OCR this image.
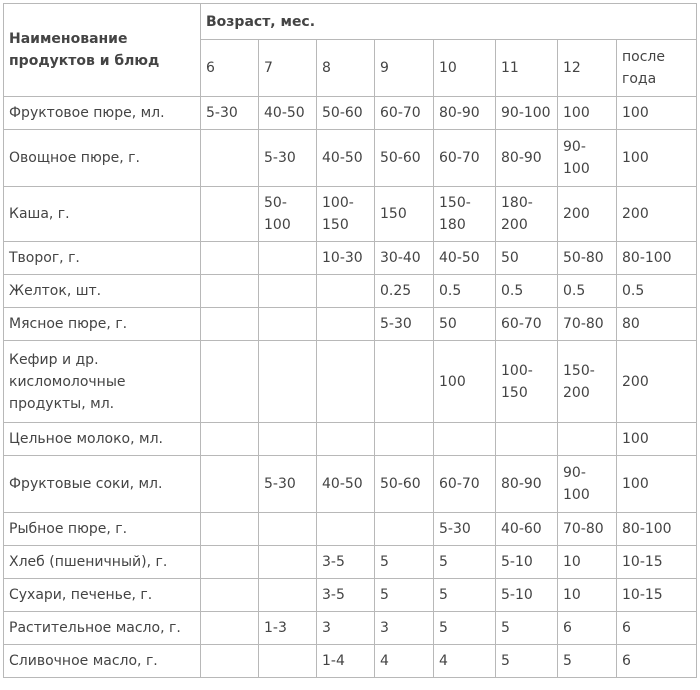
Наименование продуктов и блюд	Возраст, мес.							
	6	7	8	9	10	11	12	после года
Фруктовое пюре, мл.	5-30	40-50	50-60	60-70	80-90	90-100	100	100
Овощное пюре, г.		5-30	40-50	50-60	60-70	80-90	90-100	100
Каша, г.		50-100	100-150	150	150-180	180-200	200	200
Творог, г.			10-30	30-40	40-50	50	50-80	80-100
Желток, шт.				0.25	0.5	0.5	0.5	0.5
Мясное пюре, г.				5-30	50	60-70	70-80	80
Кефир и др. кисломолочные продукты, мл.					100	100-150	150-200	200
Цельное молоко, мл.								100
Фруктовые соки, мл.		5-30	40-50	50-60	60-70	80-90	90-100	100
Рыбное пюре, г.					5-30	40-60	70-80	80-100
Хлеб (пшеничный), г.			3-5	5	5	5-10	10	10-15
Сухари, печенье, г.			3-5	5	5	5-10	10	10-15
Растительное масло, г.		1-3	3	3	5	5	6	6
Сливочное масло, г.			1-4	4	4	5	5	6
